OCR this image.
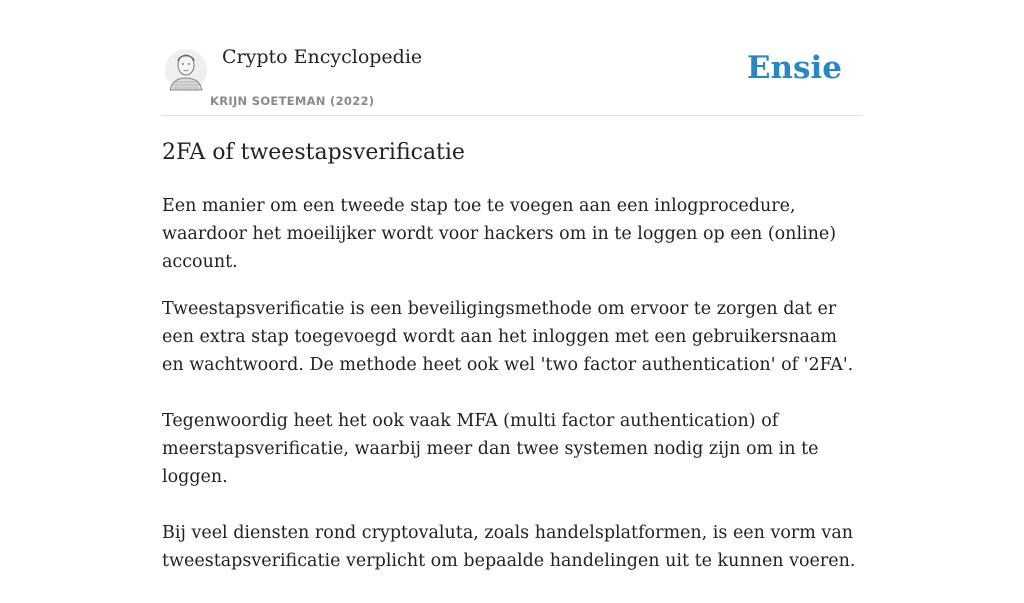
Crypto Encyclopedie
KRIJN SOETEMAN (2022)
Ensie
2FA of tweestapsverificatie

Een manier om een tweede stap toe te voegen aan een inlogprocedure, waardoor het moeilijker wordt voor hackers om in te loggen op een (online) account.

Tweestapsverificatie is een beveiligingsmethode om ervoor te zorgen dat er een extra stap toegevoegd wordt aan het inloggen met een gebruikersnaam en wachtwoord. De methode heet ook wel 'two factor authentication' of '2FA'.

Tegenwoordig heet het ook vaak MFA (multi factor authentication) of meerstapsverificatie, waarbij meer dan twee systemen nodig zijn om in te loggen.

Bij veel diensten rond cryptovaluta, zoals handelsplatformen, is een vorm van tweestapsverificatie verplicht om bepaalde handelingen uit te kunnen voeren.
